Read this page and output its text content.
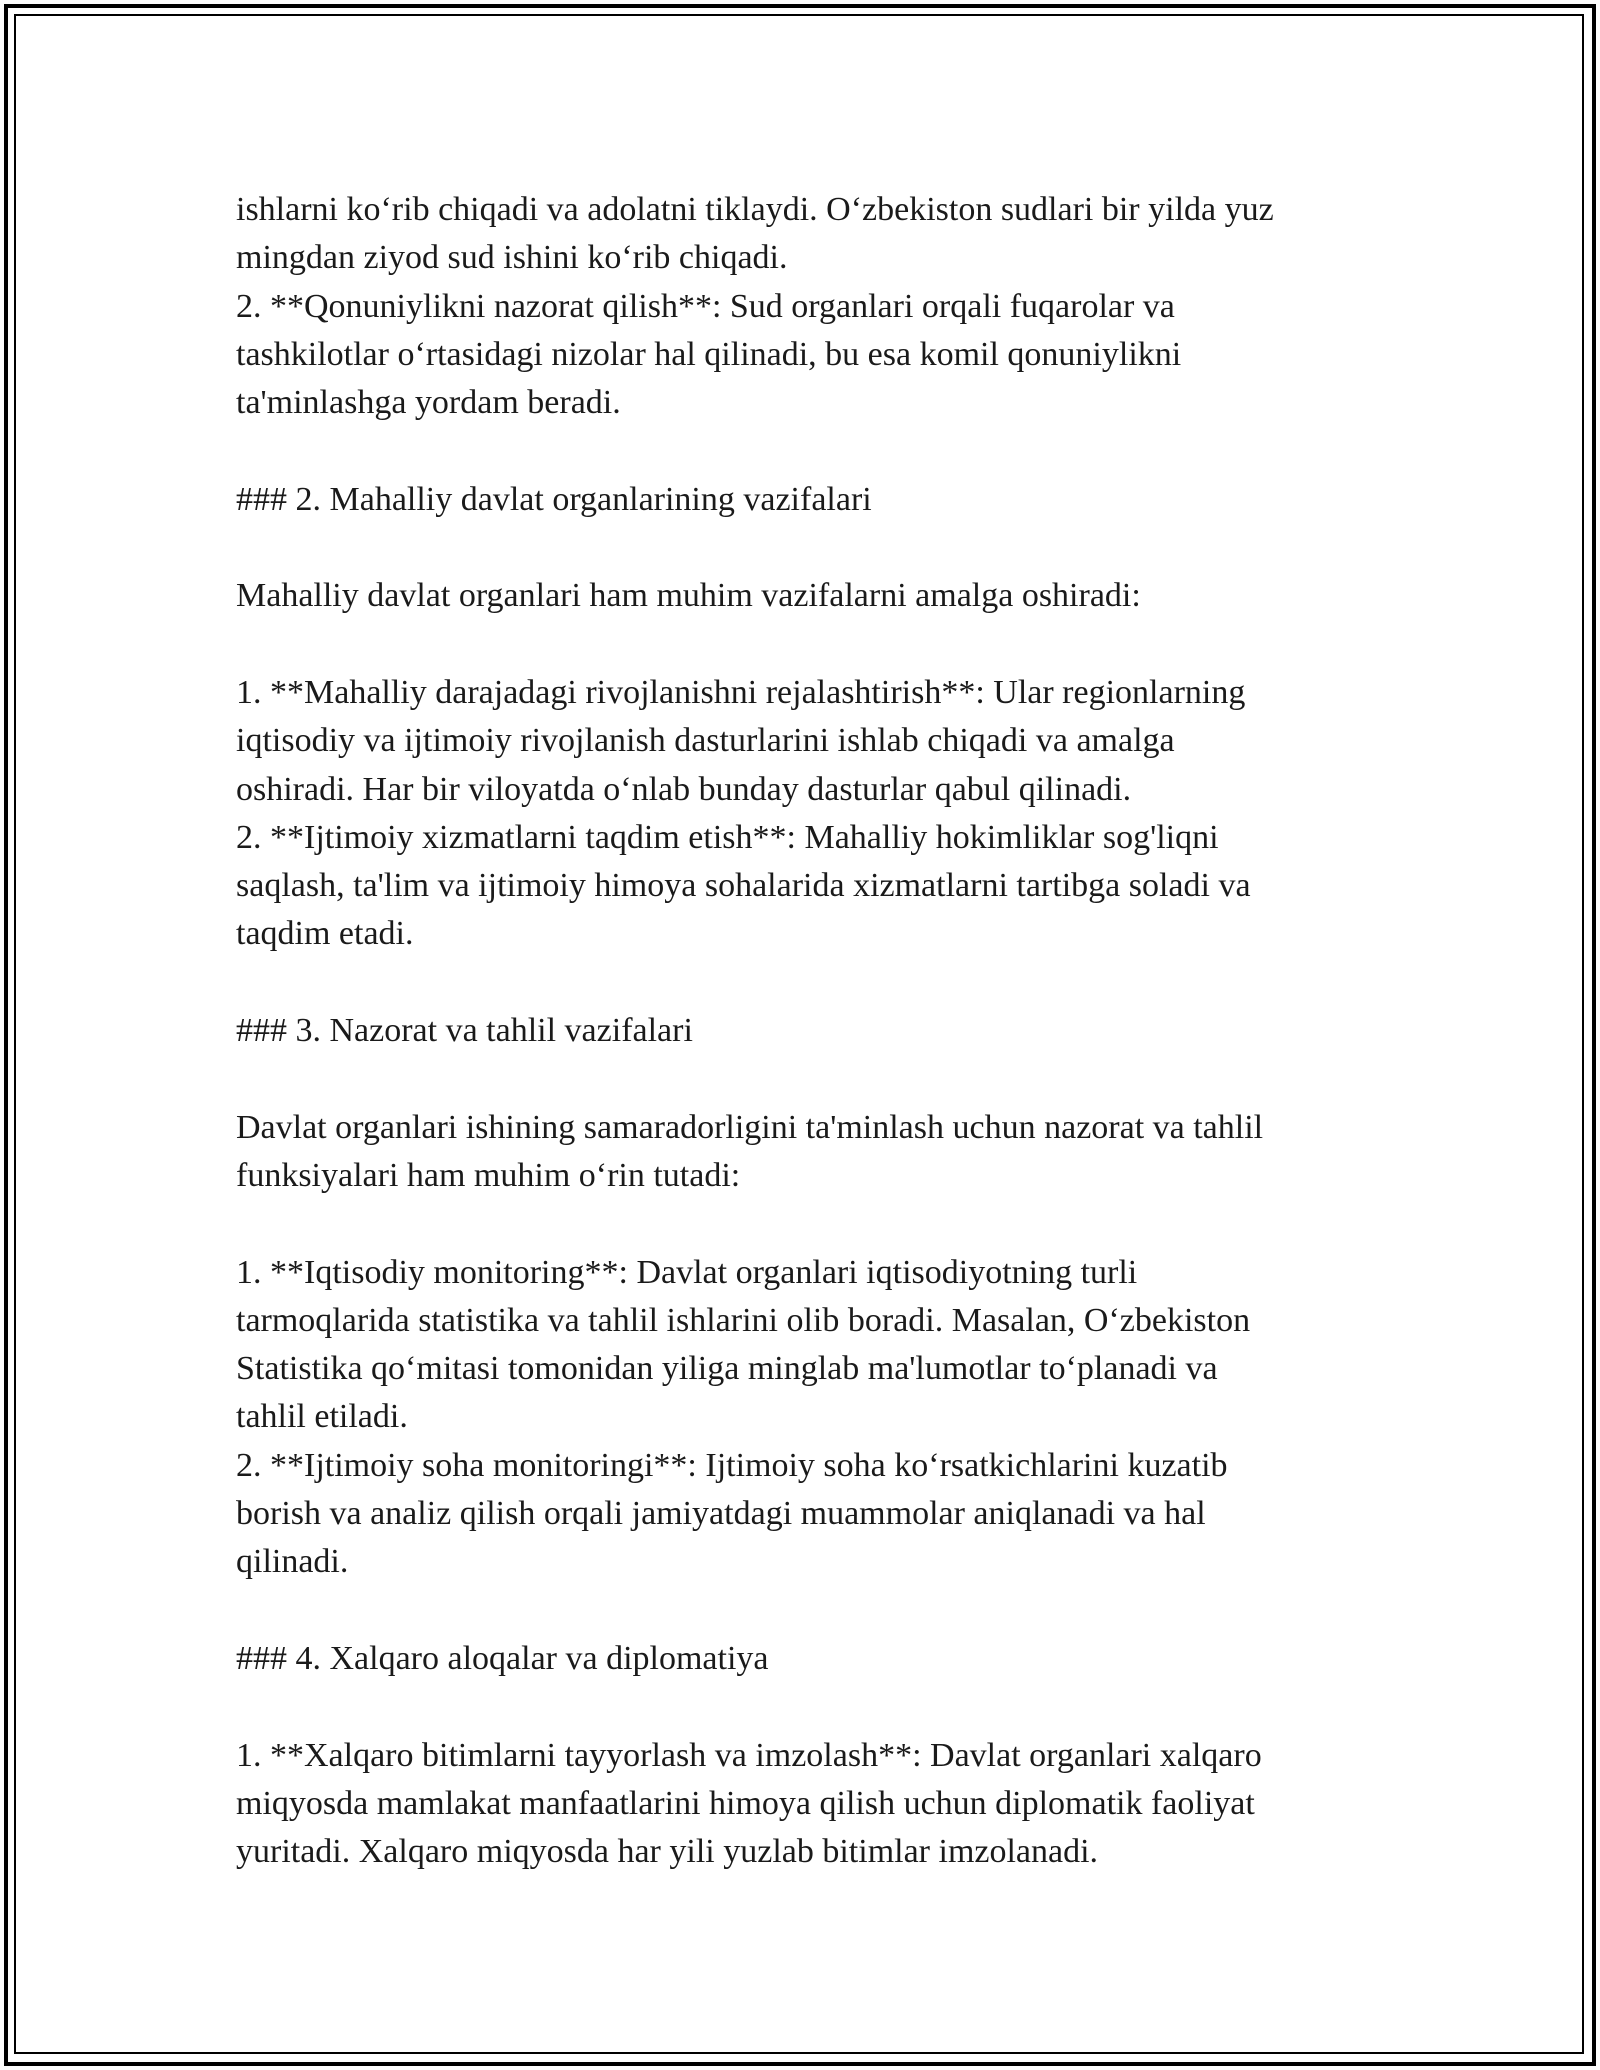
ishlarni ko‘rib chiqadi va adolatni tiklaydi. O‘zbekiston sudlari bir yilda yuz
mingdan ziyod sud ishini ko‘rib chiqadi.
2. **Qonuniylikni nazorat qilish**: Sud organlari orqali fuqarolar va
tashkilotlar o‘rtasidagi nizolar hal qilinadi, bu esa komil qonuniylikni
ta'minlashga yordam beradi.
### 2. Mahalliy davlat organlarining vazifalari
Mahalliy davlat organlari ham muhim vazifalarni amalga oshiradi:
1. **Mahalliy darajadagi rivojlanishni rejalashtirish**: Ular regionlarning
iqtisodiy va ijtimoiy rivojlanish dasturlarini ishlab chiqadi va amalga
oshiradi. Har bir viloyatda o‘nlab bunday dasturlar qabul qilinadi.
2. **Ijtimoiy xizmatlarni taqdim etish**: Mahalliy hokimliklar sog'liqni
saqlash, ta'lim va ijtimoiy himoya sohalarida xizmatlarni tartibga soladi va
taqdim etadi.
### 3. Nazorat va tahlil vazifalari
Davlat organlari ishining samaradorligini ta'minlash uchun nazorat va tahlil
funksiyalari ham muhim o‘rin tutadi:
1. **Iqtisodiy monitoring**: Davlat organlari iqtisodiyotning turli
tarmoqlarida statistika va tahlil ishlarini olib boradi. Masalan, O‘zbekiston
Statistika qo‘mitasi tomonidan yiliga minglab ma'lumotlar to‘planadi va
tahlil etiladi.
2. **Ijtimoiy soha monitoringi**: Ijtimoiy soha ko‘rsatkichlarini kuzatib
borish va analiz qilish orqali jamiyatdagi muammolar aniqlanadi va hal
qilinadi.
### 4. Xalqaro aloqalar va diplomatiya
1. **Xalqaro bitimlarni tayyorlash va imzolash**: Davlat organlari xalqaro
miqyosda mamlakat manfaatlarini himoya qilish uchun diplomatik faoliyat
yuritadi. Xalqaro miqyosda har yili yuzlab bitimlar imzolanadi.
